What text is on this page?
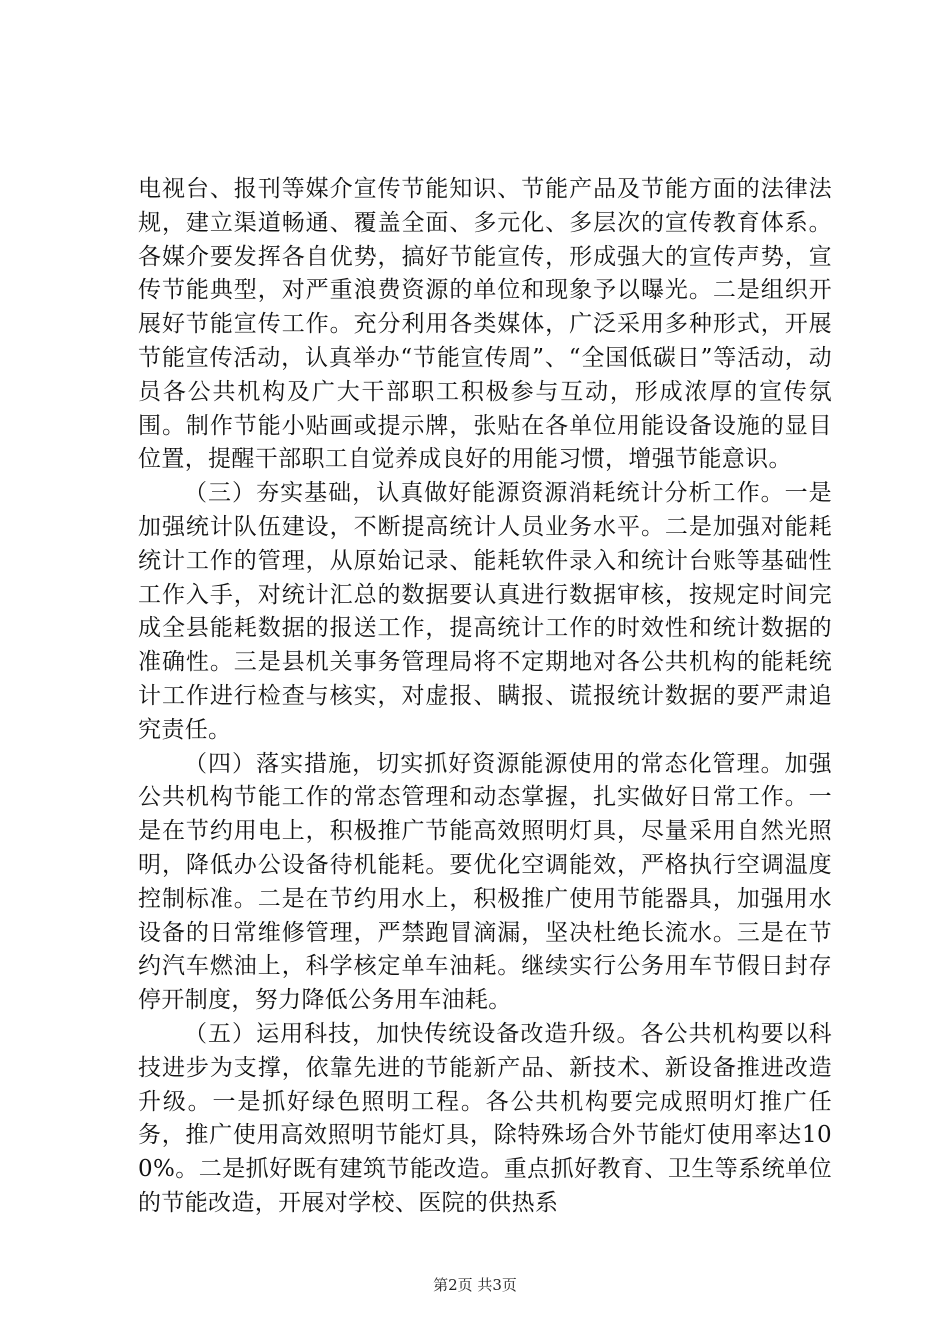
电视台、报刊等媒介宣传节能知识、节能产品及节能方面的法律法规，建立渠道畅通、覆盖全面、多元化、多层次的宣传教育体系。各媒介要发挥各自优势，搞好节能宣传，形成强大的宣传声势，宣传节能典型，对严重浪费资源的单位和现象予以曝光。二是组织开展好节能宣传工作。充分利用各类媒体，广泛采用多种形式，开展节能宣传活动，认真举办“节能宣传周”、“全国低碳日”等活动，动员各公共机构及广大干部职工积极参与互动，形成浓厚的宣传氛围。制作节能小贴画或提示牌，张贴在各单位用能设备设施的显目位置，提醒干部职工自觉养成良好的用能习惯，增强节能意识。

（三）夯实基础，认真做好能源资源消耗统计分析工作。一是加强统计队伍建设，不断提高统计人员业务水平。二是加强对能耗统计工作的管理，从原始记录、能耗软件录入和统计台账等基础性工作入手，对统计汇总的数据要认真进行数据审核，按规定时间完成全县能耗数据的报送工作，提高统计工作的时效性和统计数据的准确性。三是县机关事务管理局将不定期地对各公共机构的能耗统计工作进行检查与核实，对虚报、瞒报、谎报统计数据的要严肃追究责任。

（四）落实措施，切实抓好资源能源使用的常态化管理。加强公共机构节能工作的常态管理和动态掌握，扎实做好日常工作。一是在节约用电上，积极推广节能高效照明灯具，尽量采用自然光照明，降低办公设备待机能耗。要优化空调能效，严格执行空调温度控制标准。二是在节约用水上，积极推广使用节能器具，加强用水设备的日常维修管理，严禁跑冒滴漏，坚决杜绝长流水。三是在节约汽车燃油上，科学核定单车油耗。继续实行公务用车节假日封存停开制度，努力降低公务用车油耗。

（五）运用科技，加快传统设备改造升级。各公共机构要以科技进步为支撑，依靠先进的节能新产品、新技术、新设备推进改造升级。一是抓好绿色照明工程。各公共机构要完成照明灯推广任务，推广使用高效照明节能灯具，除特殊场合外节能灯使用率达100%。二是抓好既有建筑节能改造。重点抓好教育、卫生等系统单位的节能改造，开展对学校、医院的供热系

第2页 共3页
